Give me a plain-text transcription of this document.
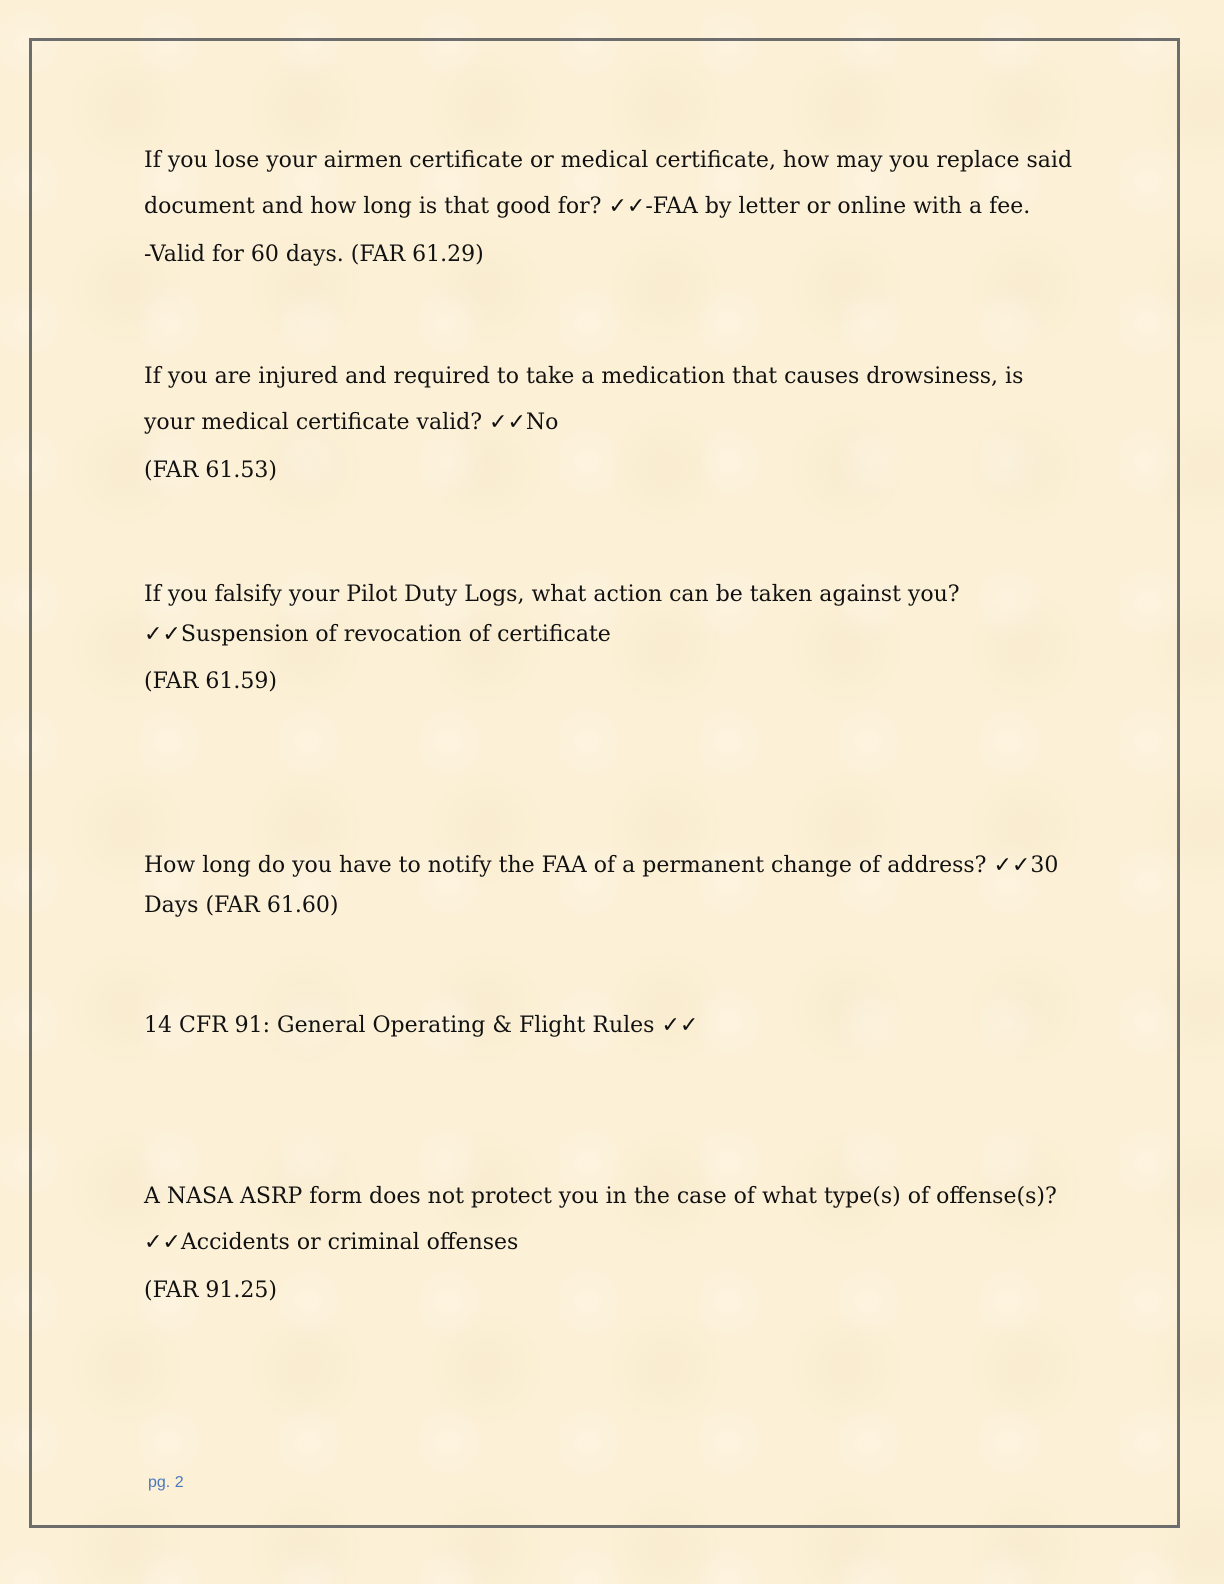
If you lose your airmen certificate or medical certificate, how may you replace said document and how long is that good for? ✓✓-FAA by letter or online with a fee.

-Valid for 60 days. (FAR 61.29)

If you are injured and required to take a medication that causes drowsiness, is your medical certificate valid? ✓✓No

(FAR 61.53)

If you falsify your Pilot Duty Logs, what action can be taken against you? ✓✓Suspension of revocation of certificate

(FAR 61.59)

How long do you have to notify the FAA of a permanent change of address? ✓✓30 Days (FAR 61.60)

14 CFR 91: General Operating & Flight Rules ✓✓

A NASA ASRP form does not protect you in the case of what type(s) of offense(s)? ✓✓Accidents or criminal offenses

(FAR 91.25)

pg. 2
